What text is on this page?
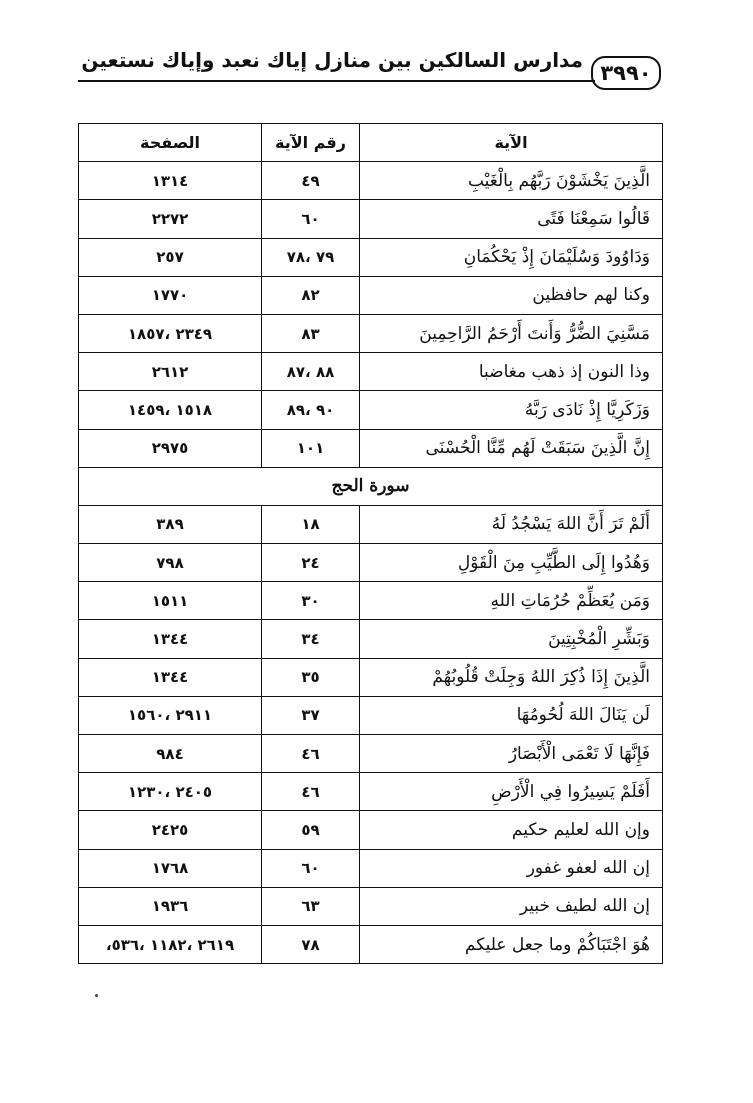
٣٩٩٠
مدارس السالكين بين منازل إياك نعبد وإياك نستعين
الآية	رقم الآية	الصفحة
الَّذِينَ يَخْشَوْنَ رَبَّهُم بِالْغَيْبِ	٤٩	١٣١٤
قَالُوا سَمِعْنَا فَتًى	٦٠	٢٢٧٢
وَدَاوُودَ وَسُلَيْمَانَ إِذْ يَحْكُمَانِ	٧٩ ،٧٨	٢٥٧
وكنا لهم حافظين	٨٢	١٧٧٠
مَسَّنِيَ الضُّرُّ وَأَنتَ أَرْحَمُ الرَّاحِمِينَ	٨٣	٢٣٤٩ ،١٨٥٧
وذا النون إذ ذهب مغاضبا	٨٨ ،٨٧	٢٦١٢
وَزَكَرِيَّا إِذْ نَادَى رَبَّهُ	٩٠ ،٨٩	١٥١٨ ،١٤٥٩
إِنَّ الَّذِينَ سَبَقَتْ لَهُم مِّنَّا الْحُسْنَى	١٠١	٢٩٧٥
سورة الحج		
أَلَمْ تَرَ أَنَّ اللهَ يَسْجُدُ لَهُ	١٨	٣٨٩
وَهُدُوا إِلَى الطَّيِّبِ مِنَ الْقَوْلِ	٢٤	٧٩٨
وَمَن يُعَظِّمْ حُرُمَاتِ اللهِ	٣٠	١٥١١
وَبَشِّرِ الْمُخْبِتِينَ	٣٤	١٣٤٤
الَّذِينَ إِذَا ذُكِرَ اللهُ وَجِلَتْ قُلُوبُهُمْ	٣٥	١٣٤٤
لَن يَنَالَ اللهَ لُحُومُهَا	٣٧	٢٩١١ ،١٥٦٠
فَإِنَّهَا لَا تَعْمَى الْأَبْصَارُ	٤٦	٩٨٤
أَفَلَمْ يَسِيرُوا فِي الْأَرْضِ	٤٦	٢٤٠٥ ،١٢٣٠
وإن الله لعليم حكيم	٥٩	٢٤٢٥
إن الله لعفو غفور	٦٠	١٧٦٨
إن الله لطيف خبير	٦٣	١٩٣٦
هُوَ اجْتَبَاكُمْ وما جعل عليكم	٧٨	٢٦١٩ ،١١٨٢ ،٥٣٦،
